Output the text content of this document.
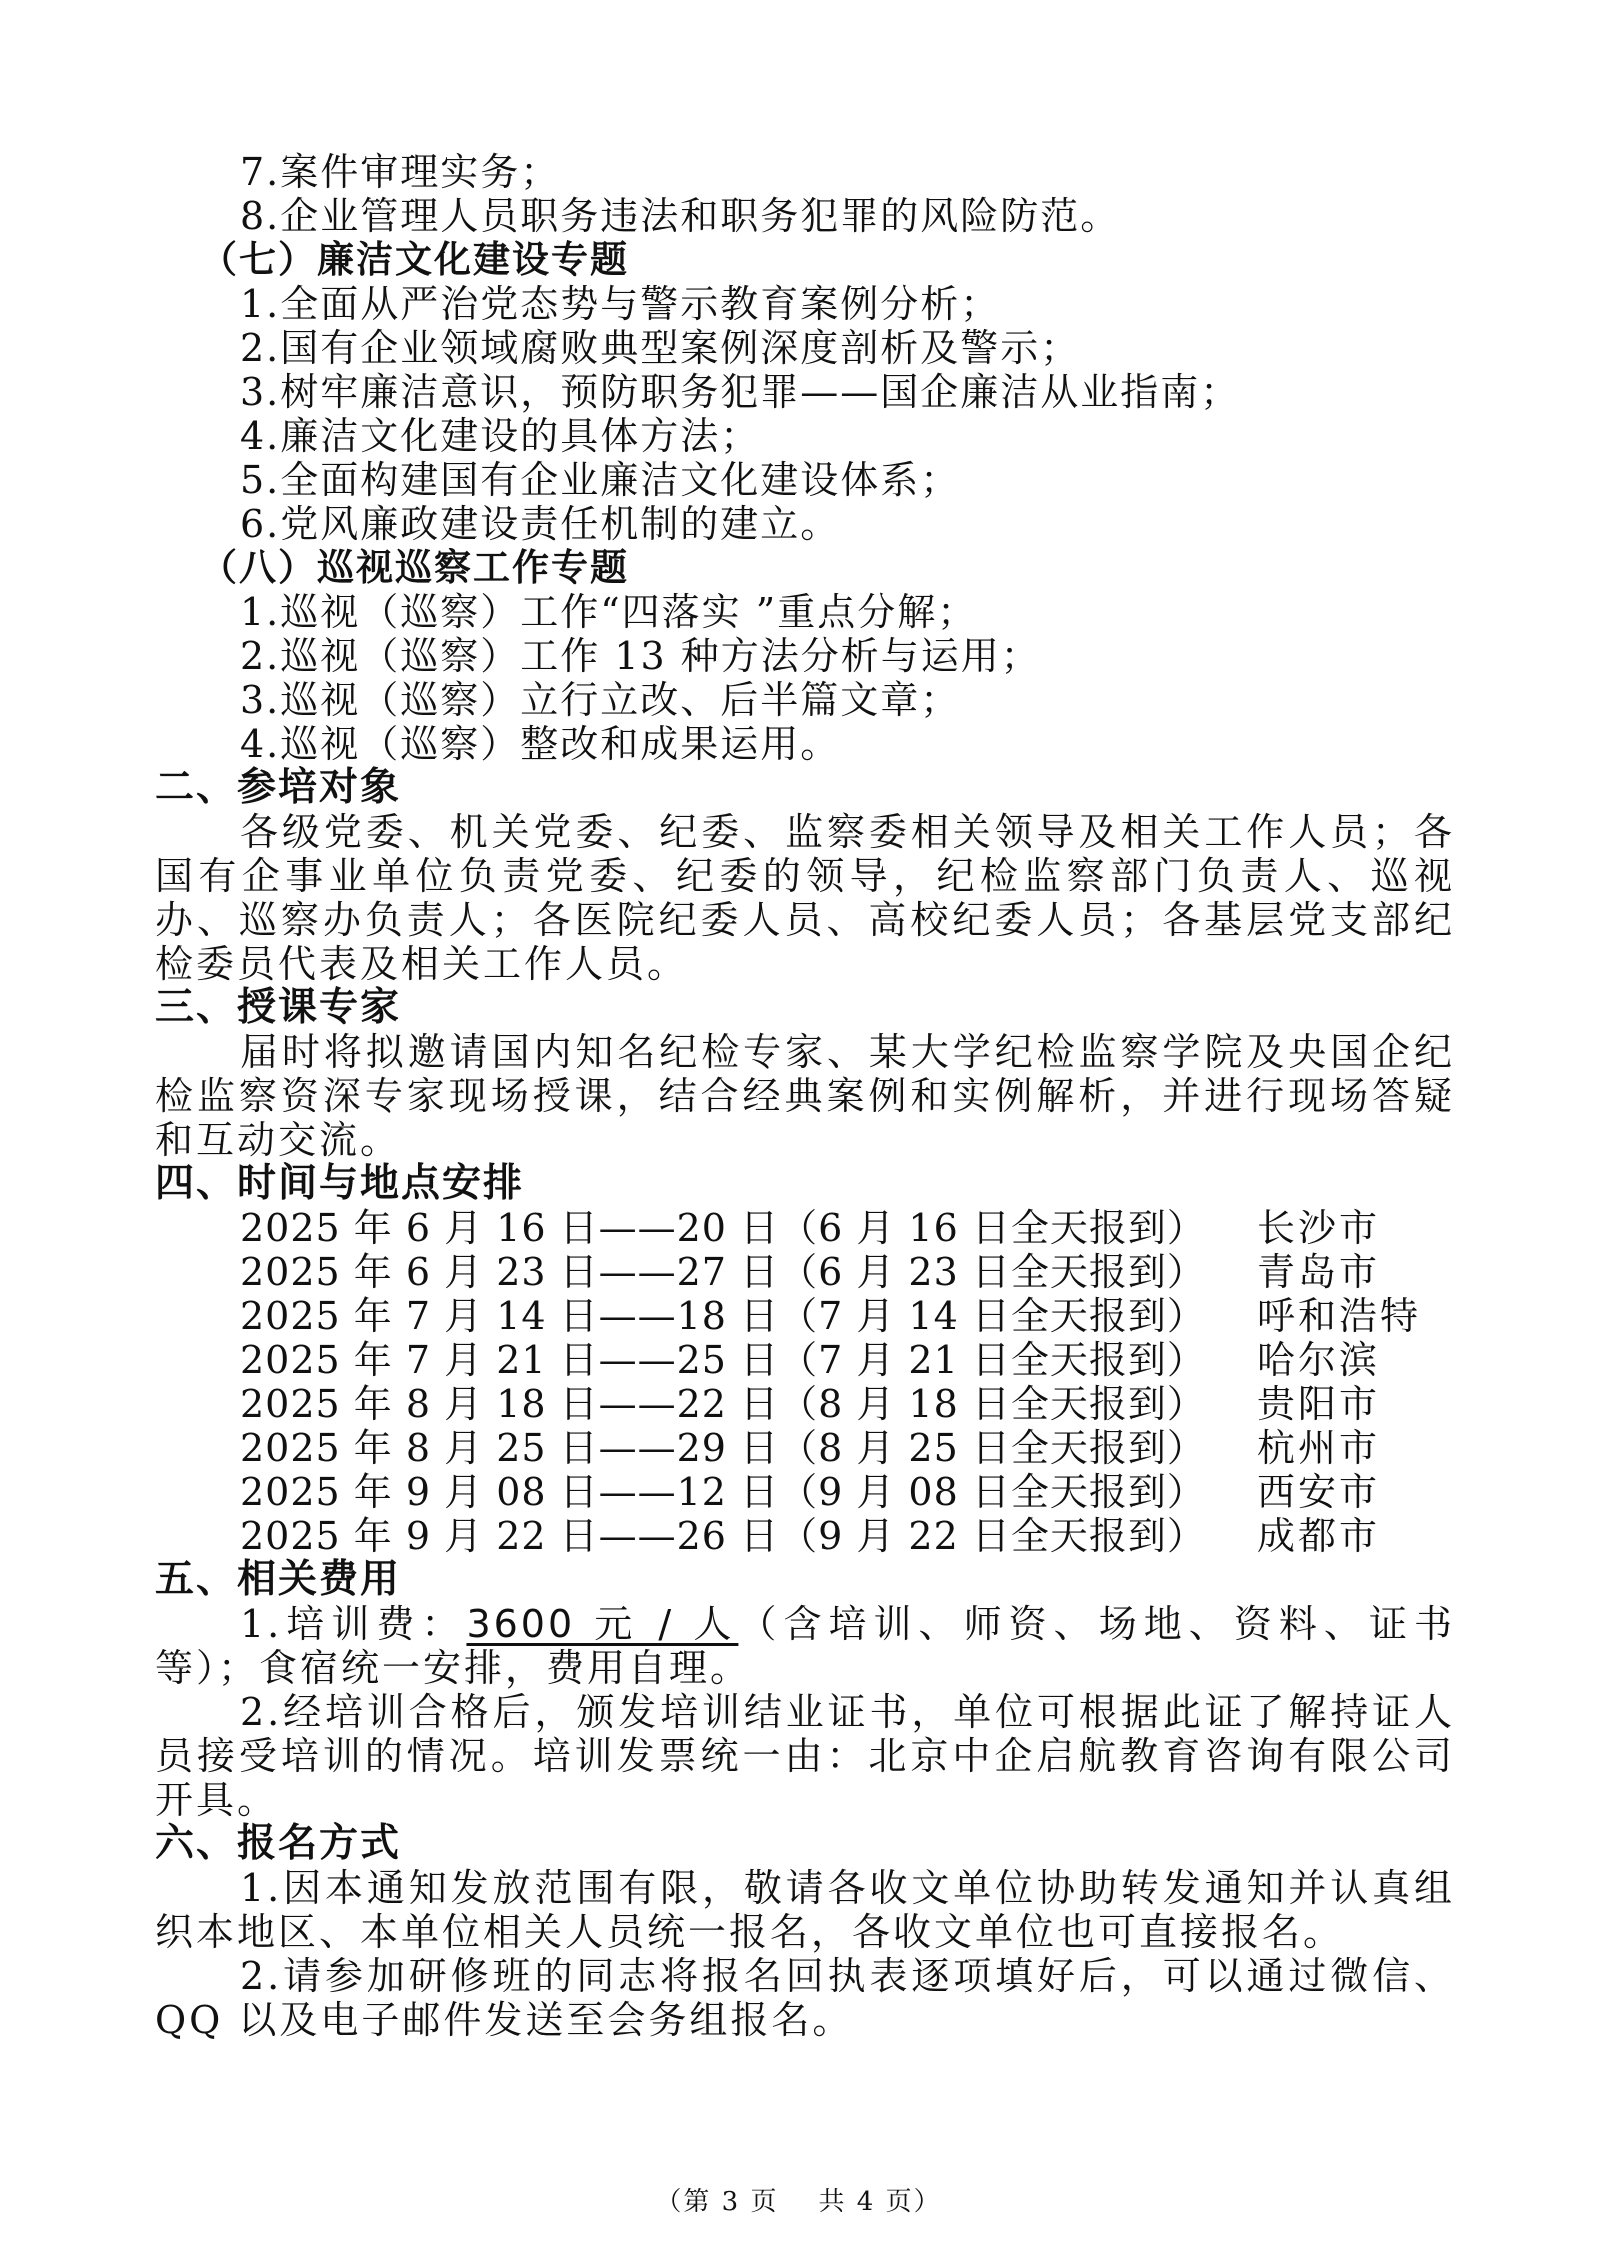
7.案件审理实务；

8.企业管理人员职务违法和职务犯罪的风险防范。

（七）廉洁文化建设专题

1.全面从严治党态势与警示教育案例分析；

2.国有企业领域腐败典型案例深度剖析及警示；

3.树牢廉洁意识，预防职务犯罪——国企廉洁从业指南；

4.廉洁文化建设的具体方法；

5.全面构建国有企业廉洁文化建设体系；

6.党风廉政建设责任机制的建立。

（八）巡视巡察工作专题

1.巡视（巡察）工作“四落实 ”重点分解；

2.巡视（巡察）工作 13 种方法分析与运用；

3.巡视（巡察）立行立改、后半篇文章；

4.巡视（巡察）整改和成果运用。

二、参培对象

各级党委、机关党委、纪委、监察委相关领导及相关工作人员；各国有企事业单位负责党委、纪委的领导，纪检监察部门负责人、巡视办、巡察办负责人；各医院纪委人员、高校纪委人员；各基层党支部纪检委员代表及相关工作人员。

三、授课专家

届时将拟邀请国内知名纪检专家、某大学纪检监察学院及央国企纪检监察资深专家现场授课，结合经典案例和实例解析，并进行现场答疑和互动交流。

四、时间与地点安排

2025 年 6 月 16 日——20 日（6 月 16 日全天报到）	长沙市
2025 年 6 月 23 日——27 日（6 月 23 日全天报到）	青岛市
2025 年 7 月 14 日——18 日（7 月 14 日全天报到）	呼和浩特
2025 年 7 月 21 日——25 日（7 月 21 日全天报到）	哈尔滨
2025 年 8 月 18 日——22 日（8 月 18 日全天报到）	贵阳市
2025 年 8 月 25 日——29 日（8 月 25 日全天报到）	杭州市
2025 年 9 月 08 日——12 日（9 月 08 日全天报到）	西安市
2025 年 9 月 22 日——26 日（9 月 22 日全天报到）	成都市

五、相关费用

1.培训费：3600 元 / 人（含培训、师资、场地、资料、证书等）；食宿统一安排，费用自理。

2.经培训合格后，颁发培训结业证书，单位可根据此证了解持证人员接受培训的情况。培训发票统一由：北京中企启航教育咨询有限公司开具。

六、报名方式

1.因本通知发放范围有限，敬请各收文单位协助转发通知并认真组织本地区、本单位相关人员统一报名，各收文单位也可直接报名。

2.请参加研修班的同志将报名回执表逐项填好后，可以通过微信、QQ 以及电子邮件发送至会务组报名。

（第 3 页 共 4 页）
